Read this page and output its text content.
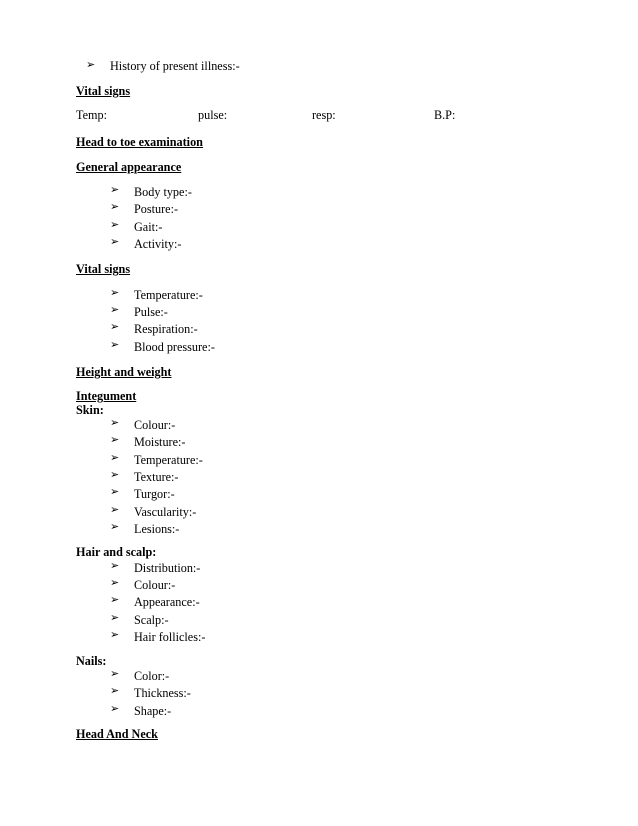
➢ History of present illness:-
Vital signs
Temp:	pulse:	resp:	B.P:
Head to toe examination
General appearance
➢ Body type:-
➢ Posture:-
➢ Gait:-
➢ Activity:-
Vital signs
➢ Temperature:-
➢ Pulse:-
➢ Respiration:-
➢ Blood pressure:-
Height and weight
Integument
Skin:
➢ Colour:-
➢ Moisture:-
➢ Temperature:-
➢ Texture:-
➢ Turgor:-
➢ Vascularity:-
➢ Lesions:-
Hair and scalp:
➢ Distribution:-
➢ Colour:-
➢ Appearance:-
➢ Scalp:-
➢ Hair follicles:-
Nails:
➢ Color:-
➢ Thickness:-
➢ Shape:-
Head And Neck
